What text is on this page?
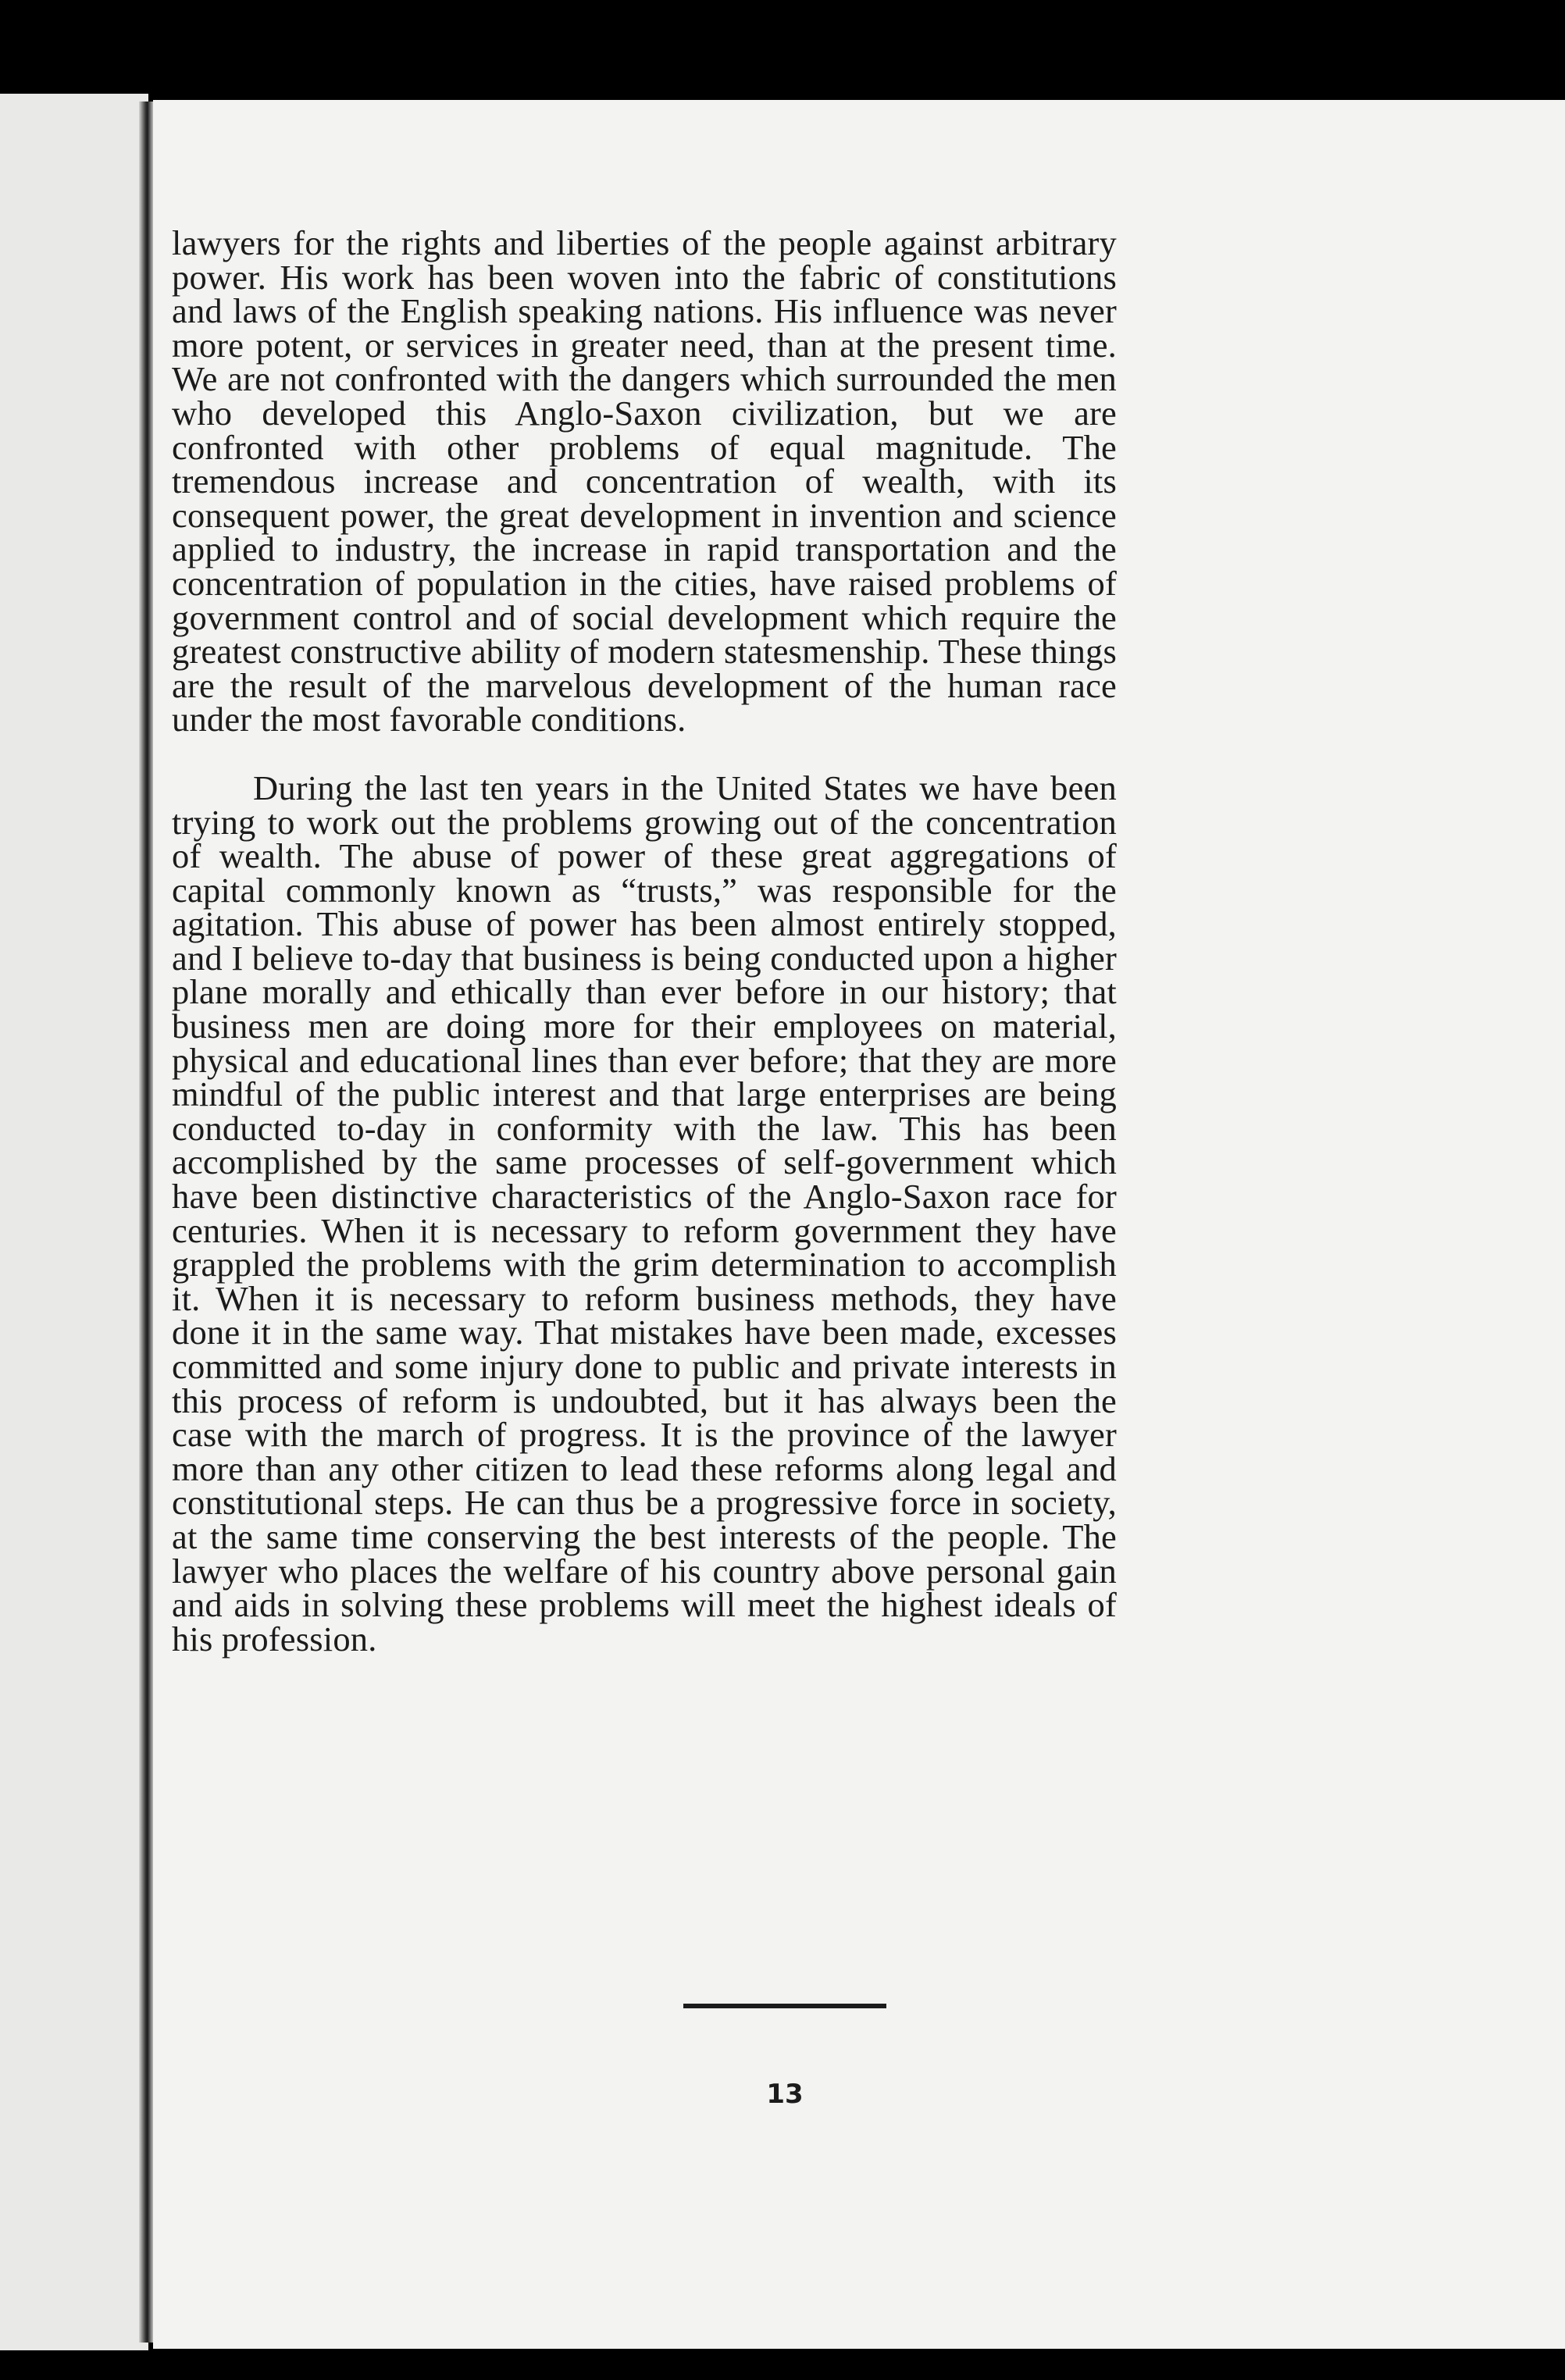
lawyers for the rights and liberties of the people against arbitrary power. His work has been woven into the fabric of constitutions and laws of the English speaking nations. His influence was never more potent, or services in greater need, than at the present time. We are not confronted with the dangers which surrounded the men who developed this Anglo-Saxon civilization, but we are confronted with other problems of equal magnitude. The tremendous increase and concentration of wealth, with its consequent power, the great development in invention and science applied to industry, the increase in rapid transportation and the concentration of population in the cities, have raised problems of government control and of social development which require the greatest constructive ability of modern statesmenship. These things are the result of the marvelous development of the human race under the most favorable conditions.

During the last ten years in the United States we have been trying to work out the problems growing out of the concentration of wealth. The abuse of power of these great aggregations of capital commonly known as “trusts,” was responsible for the agitation. This abuse of power has been almost entirely stopped, and I believe to-day that business is being conducted upon a higher plane morally and ethically than ever before in our history; that business men are doing more for their employees on material, physical and educational lines than ever before; that they are more mindful of the public interest and that large enterprises are being conducted to-day in conformity with the law. This has been accomplished by the same processes of self-government which have been distinctive characteristics of the Anglo-Saxon race for centuries. When it is necessary to reform government they have grappled the problems with the grim determination to accomplish it. When it is necessary to reform business methods, they have done it in the same way. That mistakes have been made, excesses committed and some injury done to public and private interests in this process of reform is undoubted, but it has always been the case with the march of progress. It is the province of the lawyer more than any other citizen to lead these reforms along legal and constitutional steps. He can thus be a progressive force in society, at the same time conserving the best interests of the people. The lawyer who places the welfare of his country above personal gain and aids in solving these problems will meet the highest ideals of his profession.

13
